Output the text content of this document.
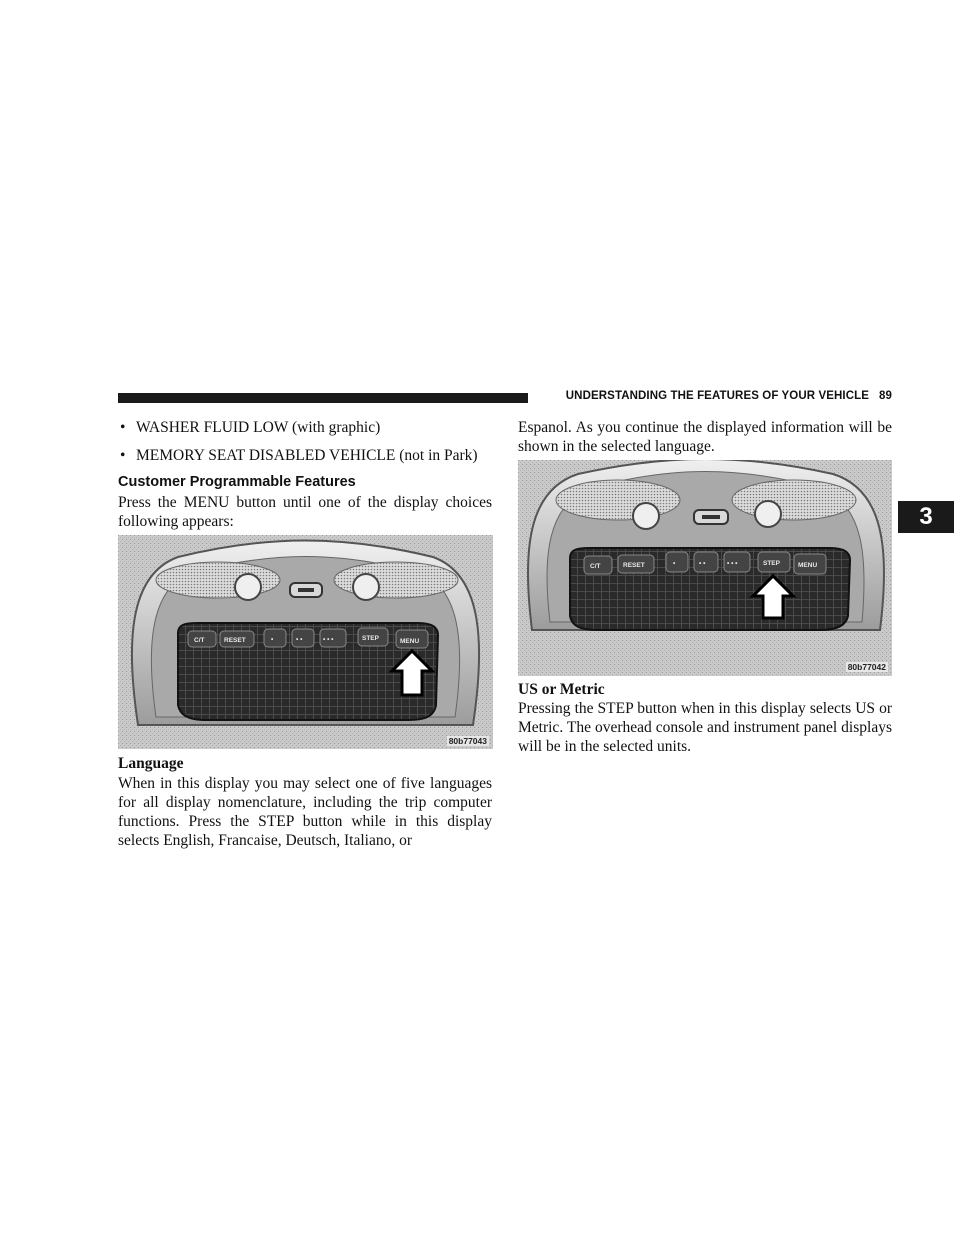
UNDERSTANDING THE FEATURES OF YOUR VEHICLE 89
3
• WASHER FLUID LOW (with graphic)
• MEMORY SEAT DISABLED VEHICLE (not in Park)
Customer Programmable Features

Press the MENU button until one of the display choices following appears:

C/T	RESET	•	• •	• • •	STEP	MENU
80b77043
Language

When in this display you may select one of five languages for all display nomenclature, including the trip computer functions. Press the STEP button while in this display selects English, Francaise, Deutsch, Italiano, or

Espanol. As you continue the displayed information will be shown in the selected language.

C/T	RESET	•	• •	• • •	STEP	MENU
80b77042
US or Metric

Pressing the STEP button when in this display selects US or Metric. The overhead console and instrument panel displays will be in the selected units.
